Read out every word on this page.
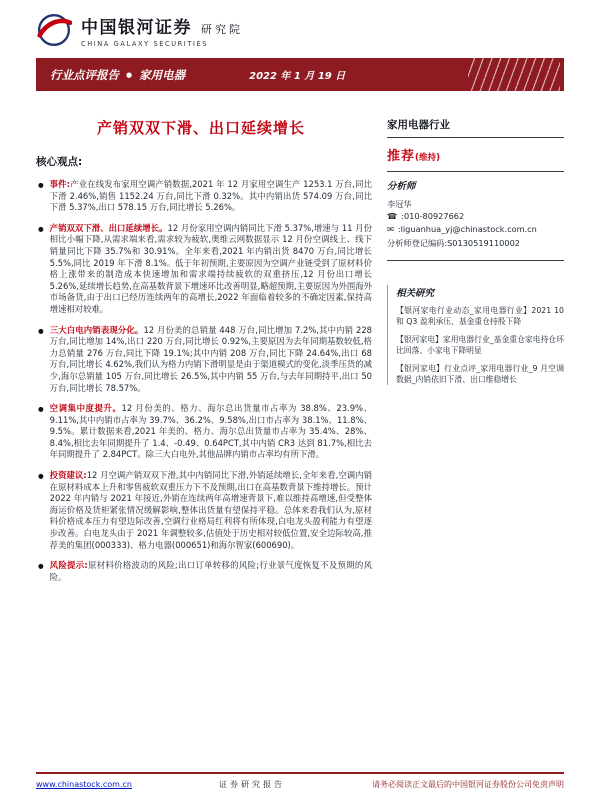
中国银河证券 研究院
CHINA GALAXY SECURITIES
行业点评报告 ● 家用电器	2022 年 1 月 19 日
产销双双下滑、出口延续增长
核心观点:

● 事件:产业在线发布家用空调产销数据,2021 年 12 月家用空调生产 1253.1 万台,同比下滑 2.46%,销售 1152.24 万台,同比下滑 0.32%。其中内销出货 574.09 万台,同比下滑 5.37%,出口 578.15 万台,同比增长 5.26%。

● 产销双双下滑、出口延续增长。12 月份家用空调内销同比下滑 5.37%,增速与 11 月份相比小幅下降,从需求端来看,需求较为疲软,奥维云网数据显示 12 月份空调线上、线下销量同比下降 35.7%和 30.91%。全年来看,2021 年内销出货 8470 万台,同比增长 5.5%,同比 2019 年下滑 8.1%。低于年初预期,主要原因为空调产业链受到了原材料价格上涨带来的制造成本快速增加和需求端持续疲软的双重挤压,12 月份出口增长 5.26%,延续增长趋势,在高基数背景下增速环比改善明显,略超预期,主要原因为外围海外市场备货,由于出口已经历连续两年的高增长,2022 年面临着较多的不确定因素,保持高增速相对较难。

● 三大白电内销表现分化。12 月份美的总销量 448 万台,同比增加 7.2%,其中内销 228 万台,同比增加 14%,出口 220 万台,同比增长 0.92%,主要原因为去年同期基数较低,格力总销量 276 万台,同比下降 19.1%;其中内销 208 万台,同比下降 24.64%,出口 68 万台,同比增长 4.62%,我们认为格力内销下滑明显是由于渠道模式的变化,淡季压货的减少,海尔总销量 105 万台,同比增长 26.5%,其中内销 55 万台,与去年同期持平,出口 50 万台,同比增长 78.57%。

● 空调集中度提升。12 月份美的、格力、海尔总出货量市占率为 38.8%、23.9%、9.11%,其中内销市占率为 39.7%、36.2%、9.58%,出口市占率为 38.1%、11.8%、9.5%。累计数据来看,2021 年美的、格力、海尔总出货量市占率为 35.4%、28%、8.4%,相比去年同期提升了 1.4、-0.49、0.64PCT,其中内销 CR3 达到 81.7%,相比去年同期提升了 2.84PCT。除三大白电外,其他品牌内销市占率均有所下滑。

● 投资建议:12 月空调产销双双下滑,其中内销同比下滑,外销延续增长,全年来看,空调内销在原材料成本上升和零售疲软双重压力下不及预期,出口在高基数背景下维持增长。预计 2022 年内销与 2021 年接近,外销在连续两年高增速背景下,难以维持高增速,但受整体海运价格及货柜紧张情况缓解影响,整体出货量有望保持平稳。总体来看我们认为,原材料价格成本压力有望边际改善,空调行业格局红利将有所体现,白电龙头盈利能力有望逐步改善。白电龙头由于 2021 年调整较多,估值处于历史相对较低位置,安全边际较高,推荐美的集团(000333)、格力电器(000651)和海尔智家(600690)。

● 风险提示:原材料价格波动的风险;出口订单转移的风险;行业景气度恢复不及预期的风险。

家用电器行业
推荐(维持)
分析师
李冠华
☎ :010-80927662
✉ :liguanhua_yj@chinastock.com.cn
分析师登记编码:S0130519110002
相关研究
【银河家电行业动态_家用电器行业】2021 10 和 Q3 盈利承压、基金重仓持股下降
【银河家电】家用电器行业_基金重仓家电持仓环比回落、小家电下降明显
【银河家电】行业点评_家用电器行业_9 月空调数据_内销依旧下滑、出口维稳增长
www.chinastock.com.cn	证券研究报告	请务必阅读正文最后的中国银河证券股份公司免责声明
